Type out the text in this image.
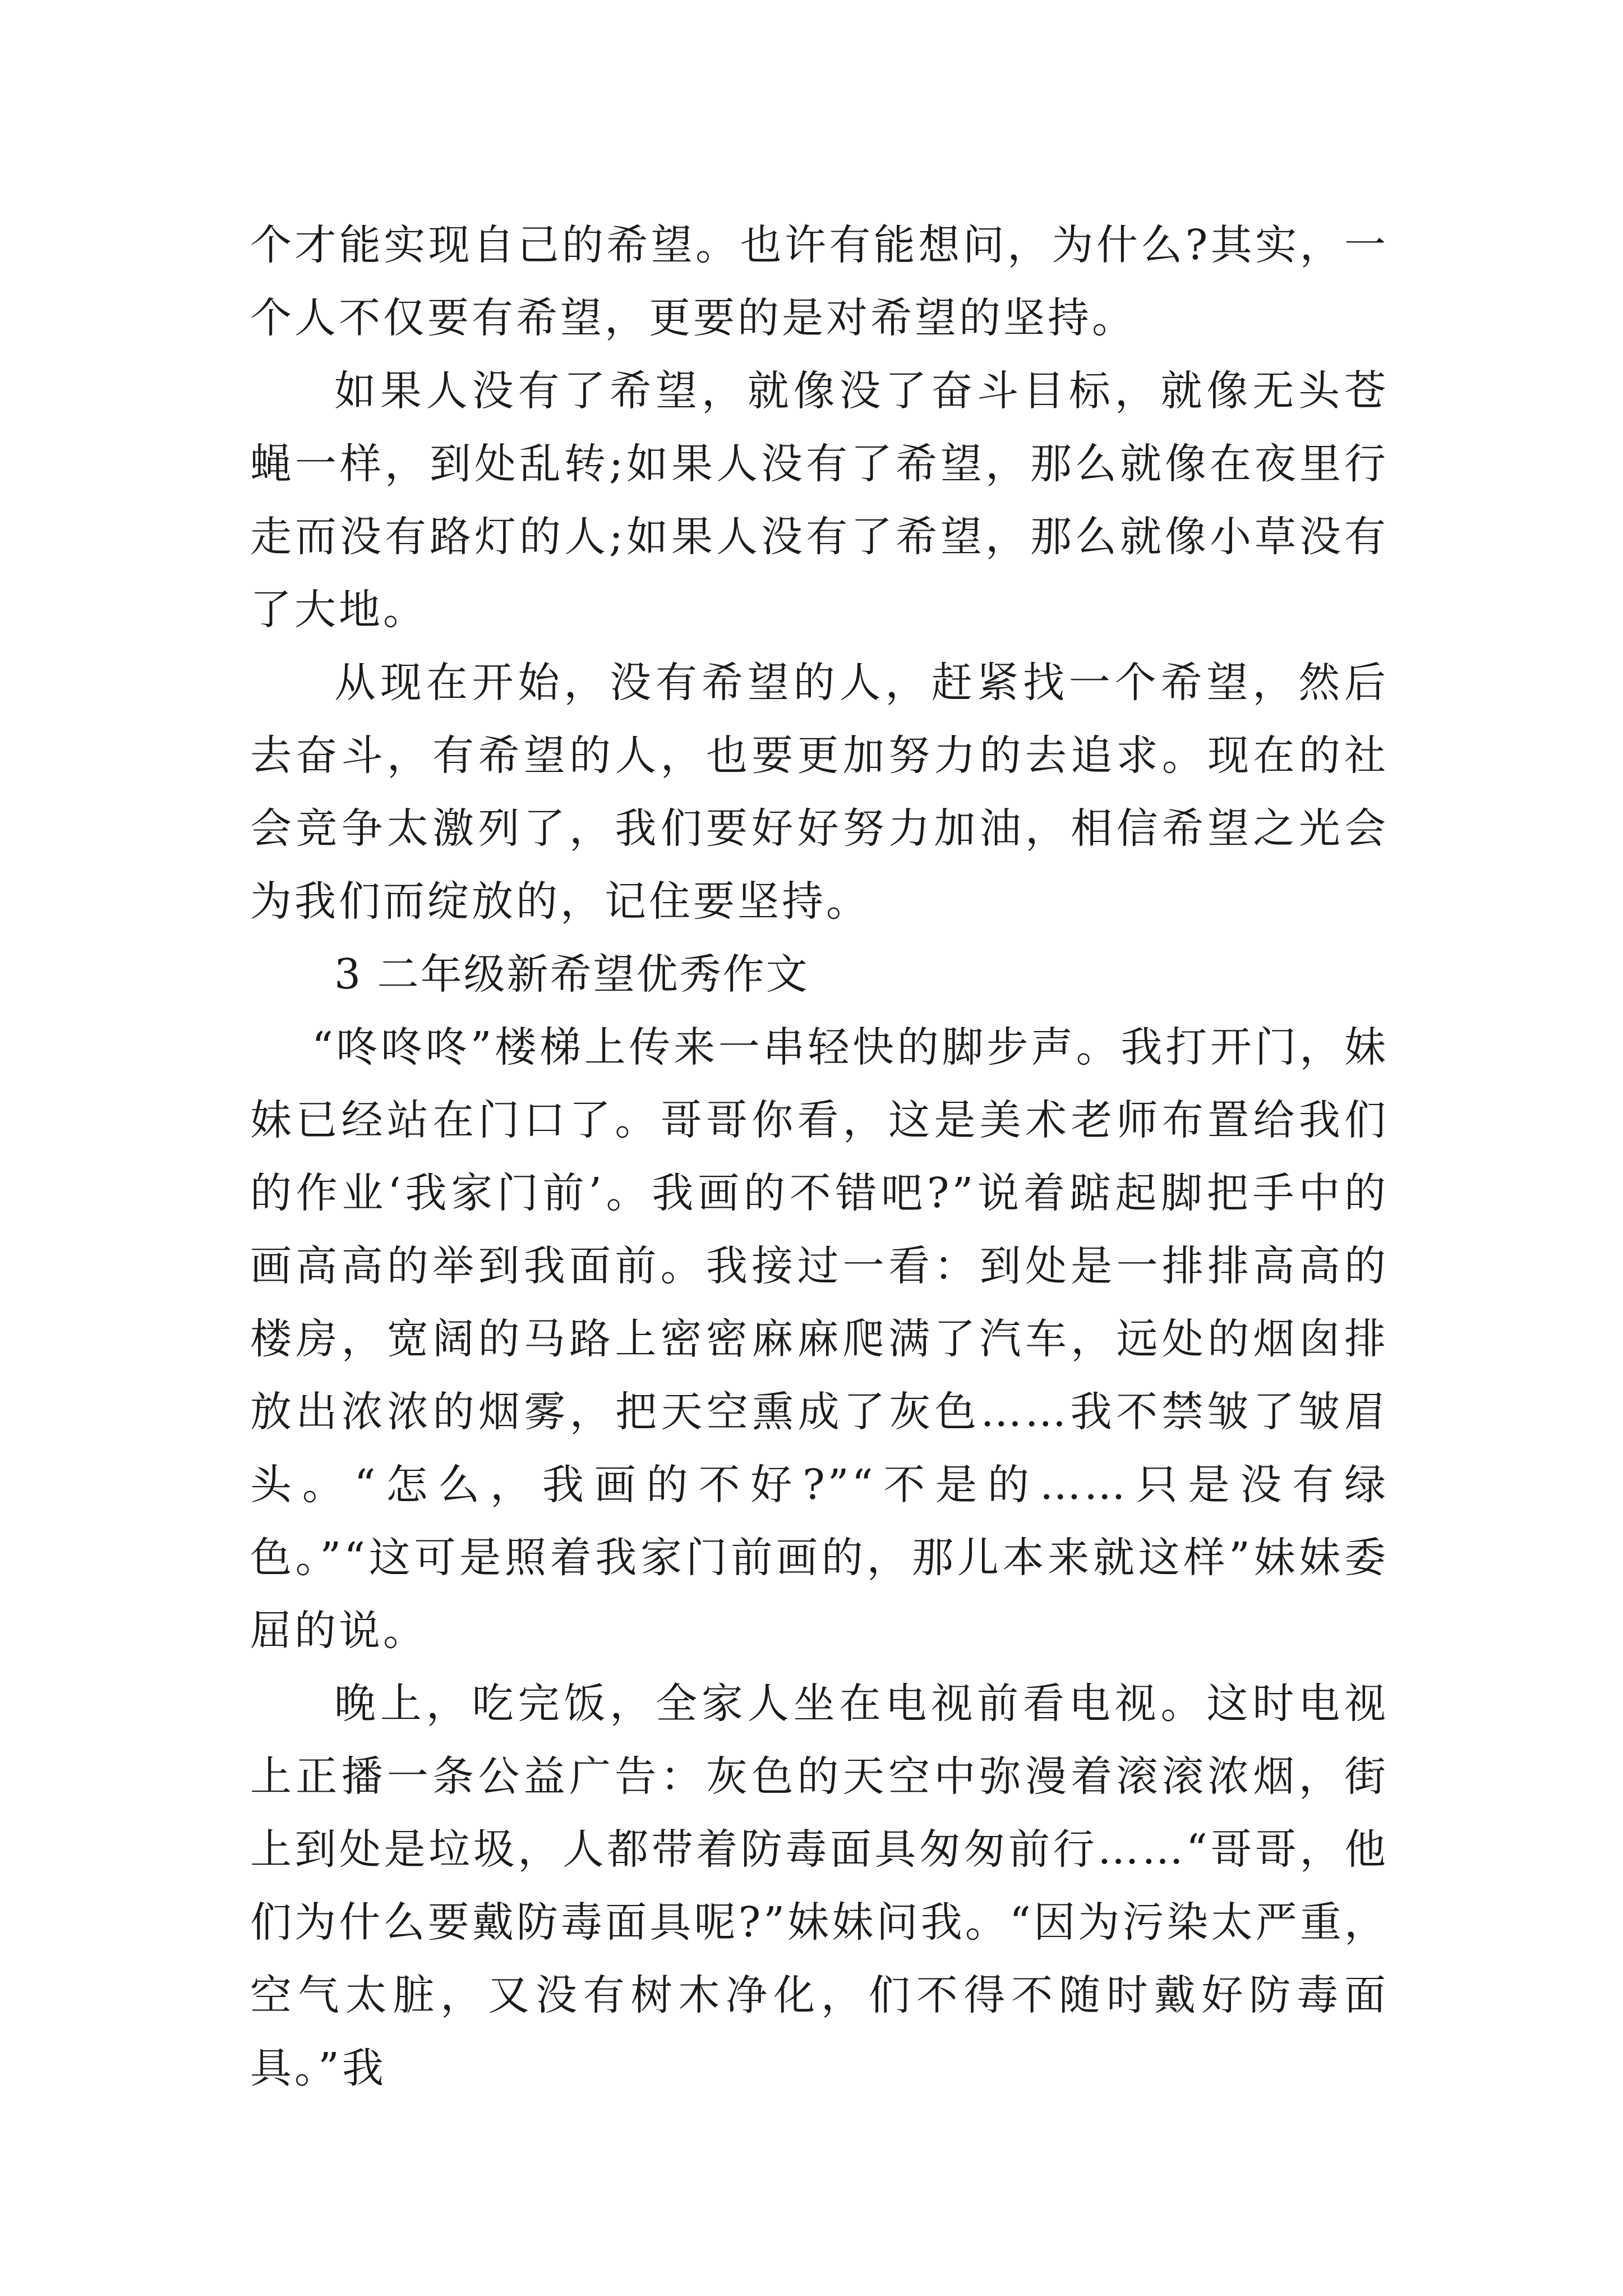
个才能实现自己的希望。也许有能想问，为什么?其实，一个人不仅要有希望，更要的是对希望的坚持。

如果人没有了希望，就像没了奋斗目标，就像无头苍蝇一样，到处乱转;如果人没有了希望，那么就像在夜里行走而没有路灯的人;如果人没有了希望，那么就像小草没有了大地。

从现在开始，没有希望的人，赶紧找一个希望，然后去奋斗，有希望的人，也要更加努力的去追求。现在的社会竞争太激列了，我们要好好努力加油，相信希望之光会为我们而绽放的，记住要坚持。

3 二年级新希望优秀作文

“咚咚咚”楼梯上传来一串轻快的脚步声。我打开门，妹妹已经站在门口了。哥哥你看，这是美术老师布置给我们的作业‘我家门前’。我画的不错吧?”说着踮起脚把手中的画高高的举到我面前。我接过一看：到处是一排排高高的楼房，宽阔的马路上密密麻麻爬满了汽车，远处的烟囱排放出浓浓的烟雾，把天空熏成了灰色……我不禁皱了皱眉头。“怎么，我画的不好?”“不是的……只是没有绿色。”“这可是照着我家门前画的，那儿本来就这样”妹妹委屈的说。

晚上，吃完饭，全家人坐在电视前看电视。这时电视上正播一条公益广告：灰色的天空中弥漫着滚滚浓烟，街上到处是垃圾，人都带着防毒面具匆匆前行……“哥哥，他们为什么要戴防毒面具呢?”妹妹问我。“因为污染太严重，空气太脏，又没有树木净化，们不得不随时戴好防毒面具。”我
